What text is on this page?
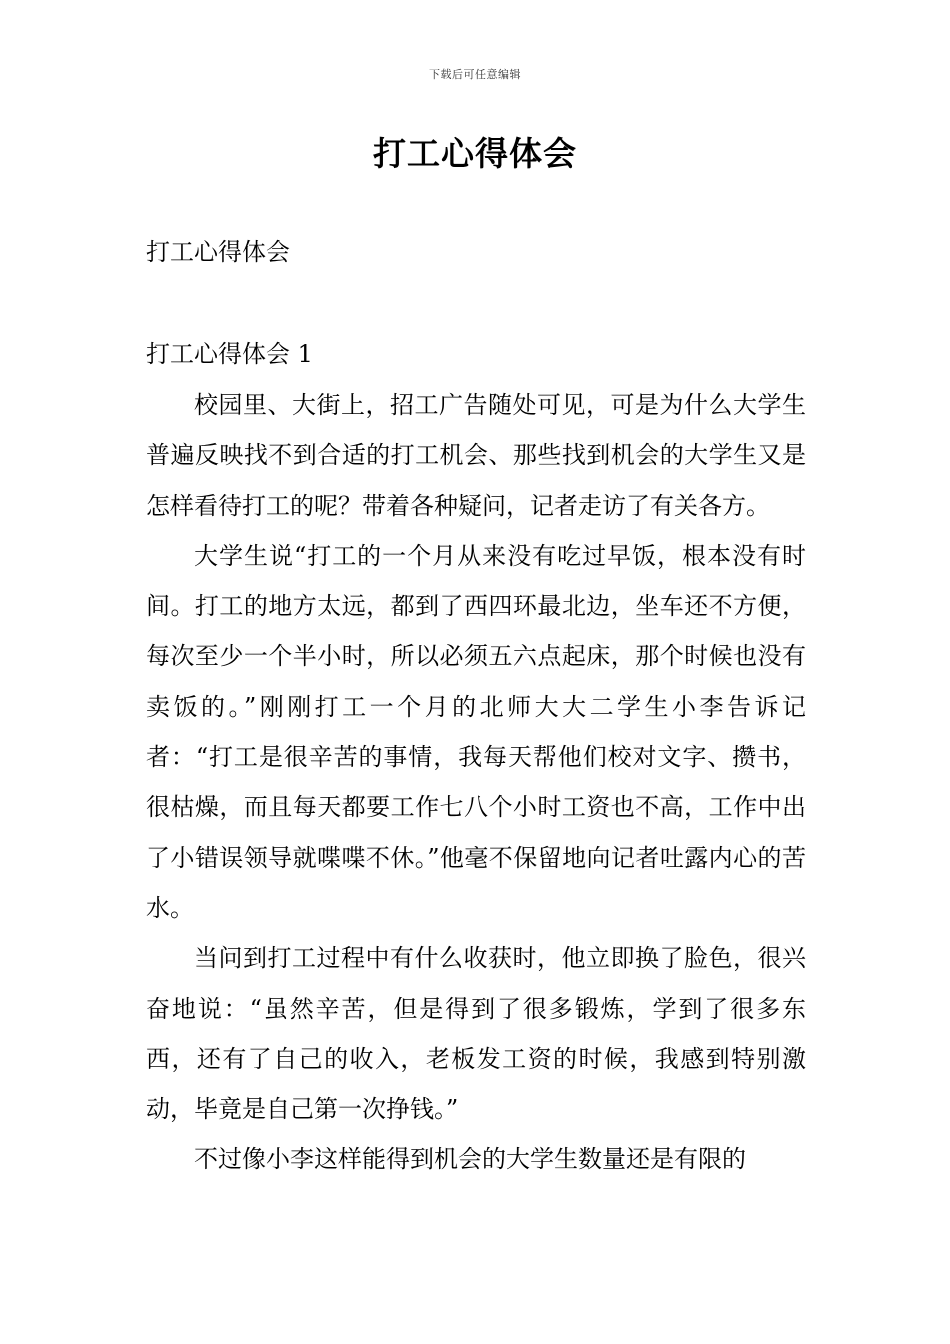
下载后可任意编辑
打工心得体会
打工心得体会
打工心得体会 1

校园里、大街上，招工广告随处可见，可是为什么大学生普遍反映找不到合适的打工机会、那些找到机会的大学生又是怎样看待打工的呢？带着各种疑问，记者走访了有关各方。

大学生说“打工的一个月从来没有吃过早饭，根本没有时间。打工的地方太远，都到了西四环最北边，坐车还不方便，每次至少一个半小时，所以必须五六点起床，那个时候也没有卖饭的。”刚刚打工一个月的北师大大二学生小李告诉记者：“打工是很辛苦的事情，我每天帮他们校对文字、攒书，很枯燥，而且每天都要工作七八个小时工资也不高，工作中出了小错误领导就喋喋不休。”他毫不保留地向记者吐露内心的苦水。

当问到打工过程中有什么收获时，他立即换了脸色，很兴奋地说：“虽然辛苦，但是得到了很多锻炼，学到了很多东西，还有了自己的收入，老板发工资的时候，我感到特别激动，毕竟是自己第一次挣钱。”

不过像小李这样能得到机会的大学生数量还是有限的
